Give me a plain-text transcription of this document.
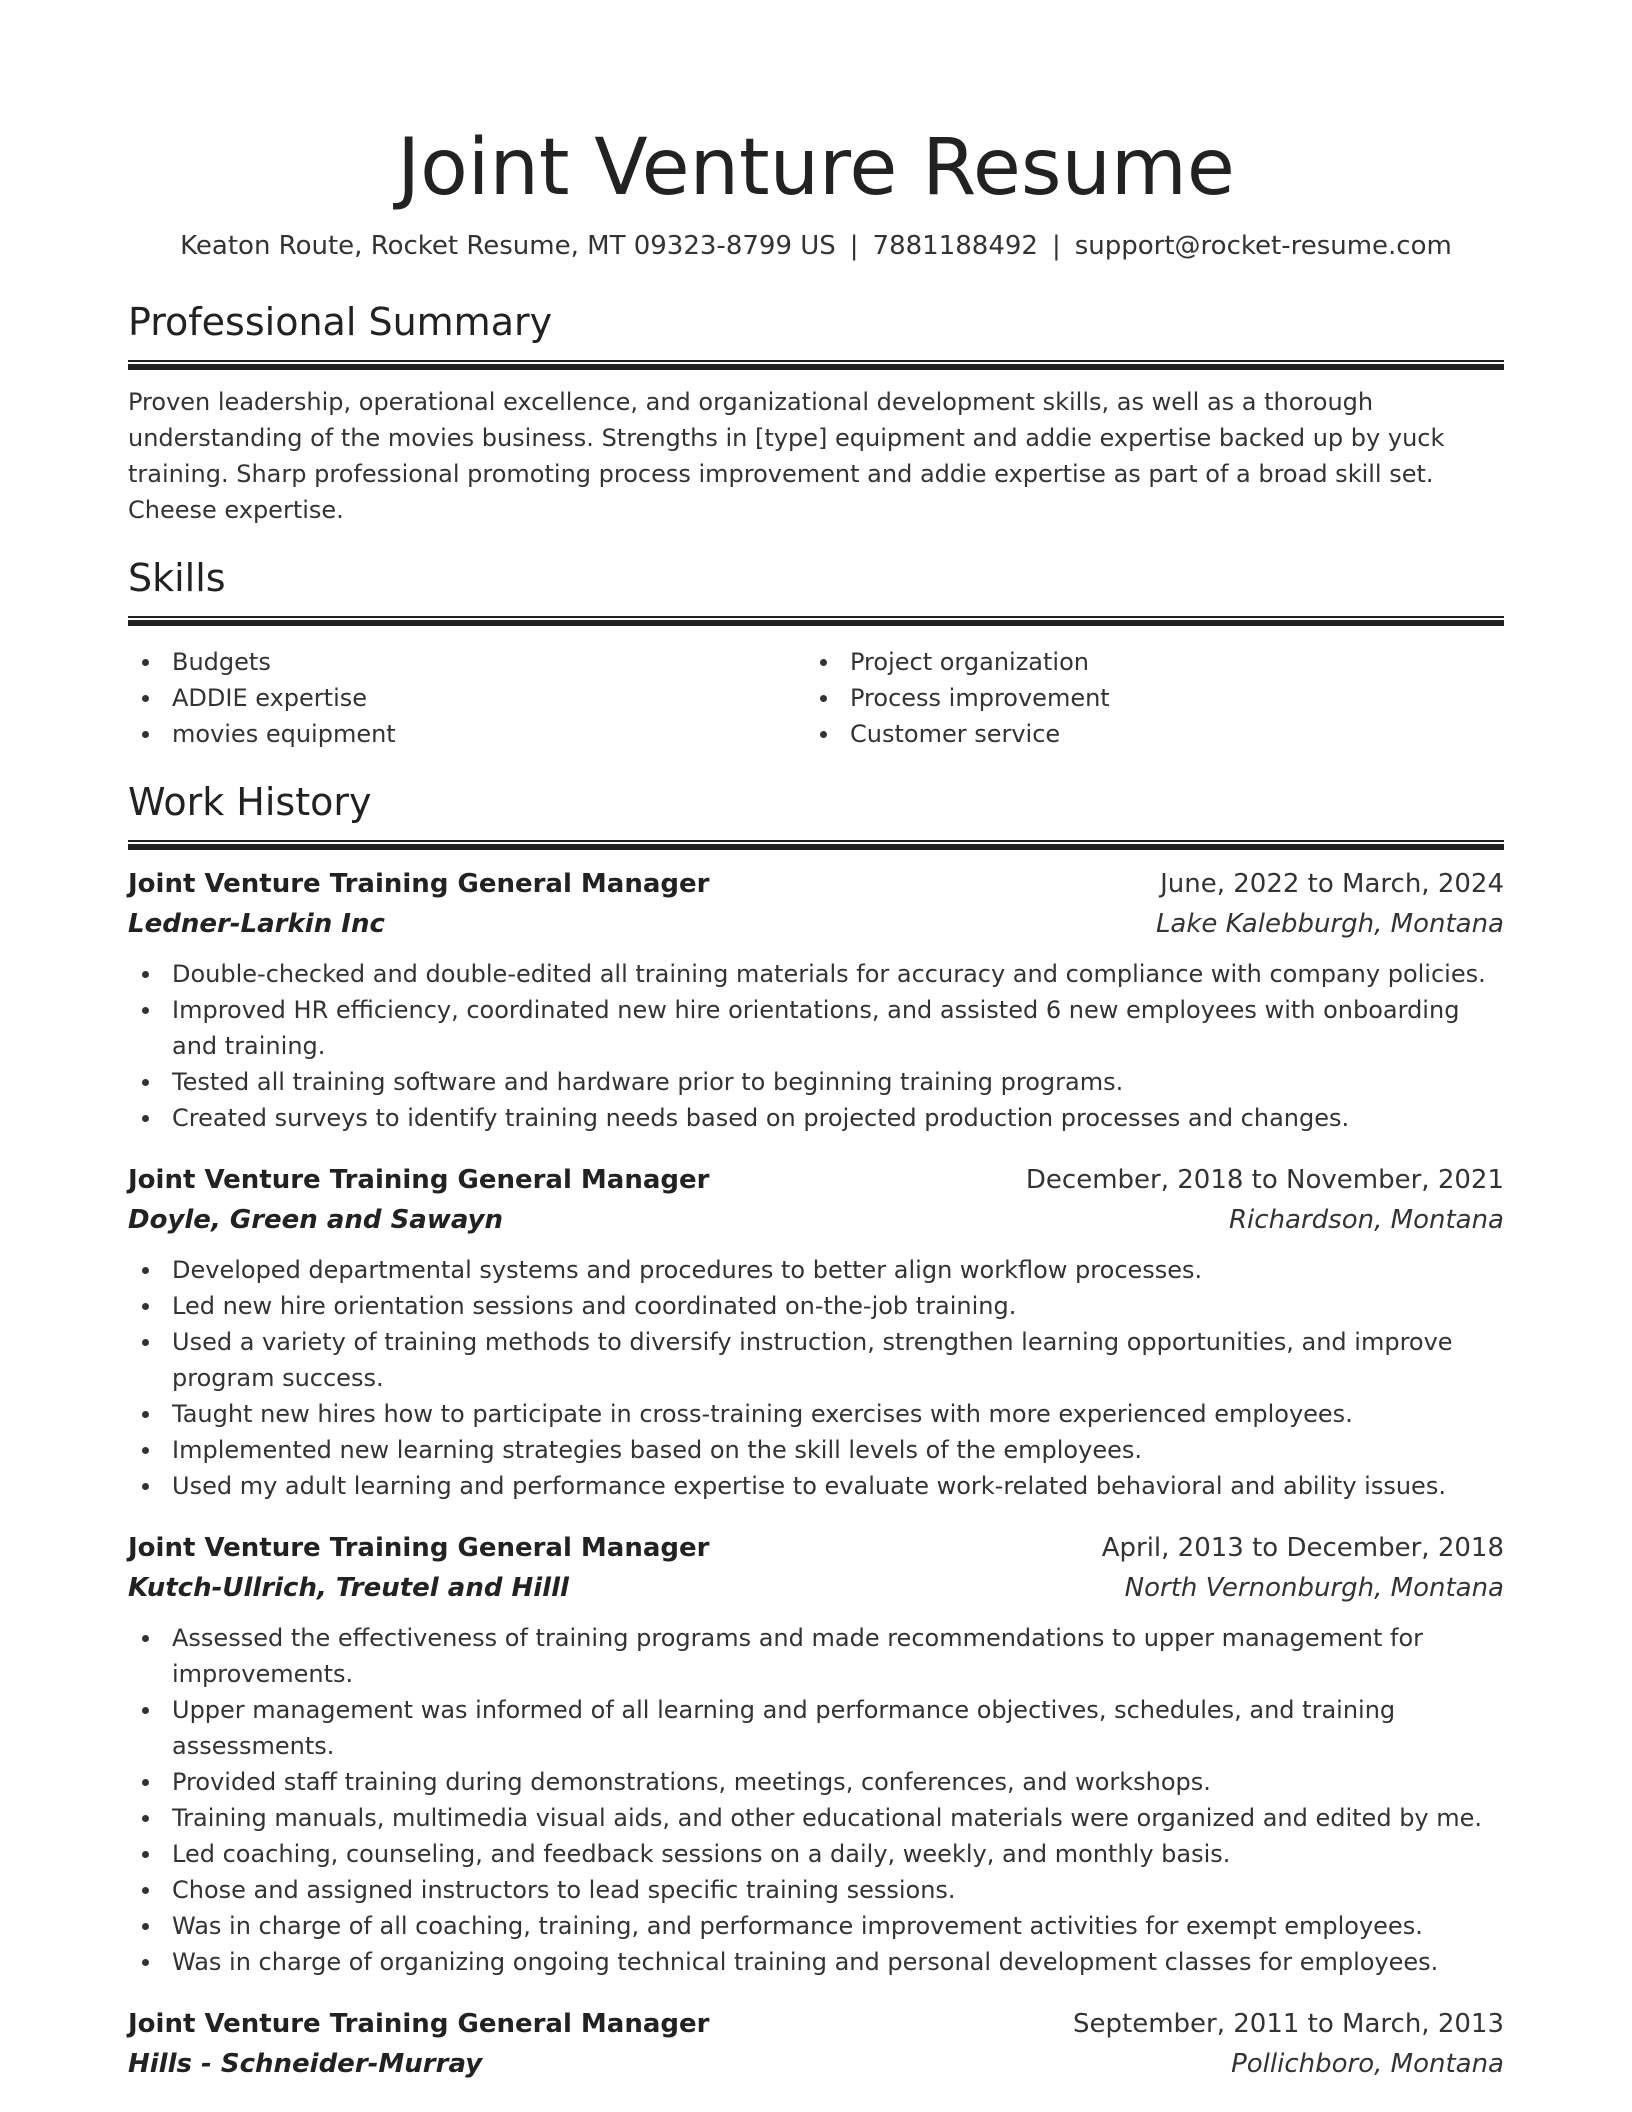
Joint Venture Resume
Keaton Route, Rocket Resume, MT 09323-8799 US | 7881188492 | support@rocket-resume.com
Professional Summary
Proven leadership, operational excellence, and organizational development skills, as well as a thorough understanding of the movies business. Strengths in [type] equipment and addie expertise backed up by yuck training. Sharp professional promoting process improvement and addie expertise as part of a broad skill set. Cheese expertise.
Skills
Budgets
ADDIE expertise
movies equipment
Project organization
Process improvement
Customer service
Work History
Joint Venture Training General Manager	June, 2022 to March, 2024
Ledner-Larkin Inc	Lake Kalebburgh, Montana
Double-checked and double-edited all training materials for accuracy and compliance with company policies.
Improved HR efficiency, coordinated new hire orientations, and assisted 6 new employees with onboarding and training.
Tested all training software and hardware prior to beginning training programs.
Created surveys to identify training needs based on projected production processes and changes.
Joint Venture Training General Manager	December, 2018 to November, 2021
Doyle, Green and Sawayn	Richardson, Montana
Developed departmental systems and procedures to better align workflow processes.
Led new hire orientation sessions and coordinated on-the-job training.
Used a variety of training methods to diversify instruction, strengthen learning opportunities, and improve program success.
Taught new hires how to participate in cross-training exercises with more experienced employees.
Implemented new learning strategies based on the skill levels of the employees.
Used my adult learning and performance expertise to evaluate work-related behavioral and ability issues.
Joint Venture Training General Manager	April, 2013 to December, 2018
Kutch-Ullrich, Treutel and Hilll	North Vernonburgh, Montana
Assessed the effectiveness of training programs and made recommendations to upper management for improvements.
Upper management was informed of all learning and performance objectives, schedules, and training assessments.
Provided staff training during demonstrations, meetings, conferences, and workshops.
Training manuals, multimedia visual aids, and other educational materials were organized and edited by me.
Led coaching, counseling, and feedback sessions on a daily, weekly, and monthly basis.
Chose and assigned instructors to lead specific training sessions.
Was in charge of all coaching, training, and performance improvement activities for exempt employees.
Was in charge of organizing ongoing technical training and personal development classes for employees.
Joint Venture Training General Manager	September, 2011 to March, 2013
Hills - Schneider-Murray	Pollichboro, Montana
